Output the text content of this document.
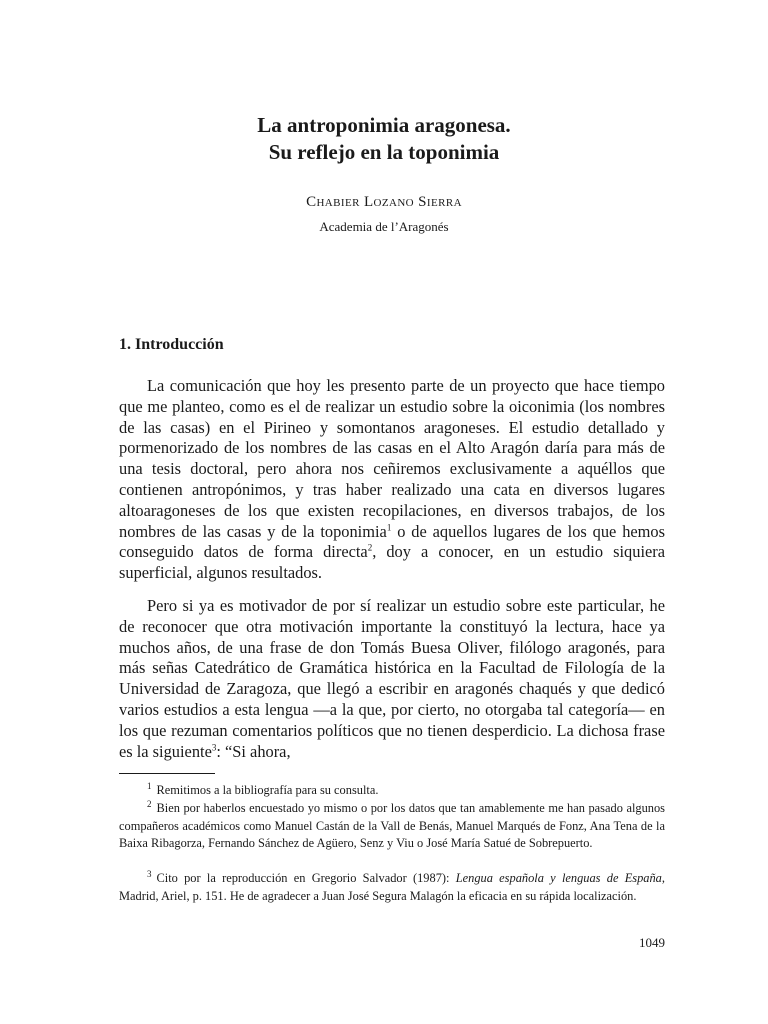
La antroponimia aragonesa.
Su reflejo en la toponimia
Chabier Lozano Sierra
Academia de l’Aragonés
1. Introducción

La comunicación que hoy les presento parte de un proyecto que hace tiempo que me planteo, como es el de realizar un estudio sobre la oiconimia (los nombres de las casas) en el Pirineo y somontanos aragoneses. El estudio detallado y pormenorizado de los nombres de las casas en el Alto Aragón daría para más de una tesis doctoral, pero ahora nos ceñiremos exclusivamente a aquéllos que contienen antropónimos, y tras haber realizado una cata en diversos lugares altoaragoneses de los que existen recopilaciones, en diversos trabajos, de los nombres de las casas y de la toponimia$^1$ o de aquellos lugares de los que hemos conseguido datos de forma directa$^2$, doy a conocer, en un estudio siquiera superficial, algunos resultados.

Pero si ya es motivador de por sí realizar un estudio sobre este particular, he de reconocer que otra motivación importante la constituyó la lectura, hace ya muchos años, de una frase de don Tomás Buesa Oliver, filólogo aragonés, para más señas Catedrático de Gramática histórica en la Facultad de Filología de la Universidad de Zaragoza, que llegó a escribir en aragonés chaqués y que dedicó varios estudios a esta lengua —a la que, por cierto, no otorgaba tal categoría— en los que rezuman comentarios políticos que no tienen desperdicio. La dichosa frase es la siguiente$^3$: “Si ahora,

$^1$ Remitimos a la bibliografía para su consulta.

$^2$ Bien por haberlos encuestado yo mismo o por los datos que tan amablemente me han pasado algunos compañeros académicos como Manuel Castán de la Vall de Benás, Manuel Marqués de Fonz, Ana Tena de la Baixa Ribagorza, Fernando Sánchez de Agüero, Senz y Viu o José María Satué de Sobrepuerto.

$^3$ Cito por la reproducción en Gregorio Salvador (1987): Lengua española y lenguas de España, Madrid, Ariel, p. 151. He de agradecer a Juan José Segura Malagón la eficacia en su rápida localización.

1049
